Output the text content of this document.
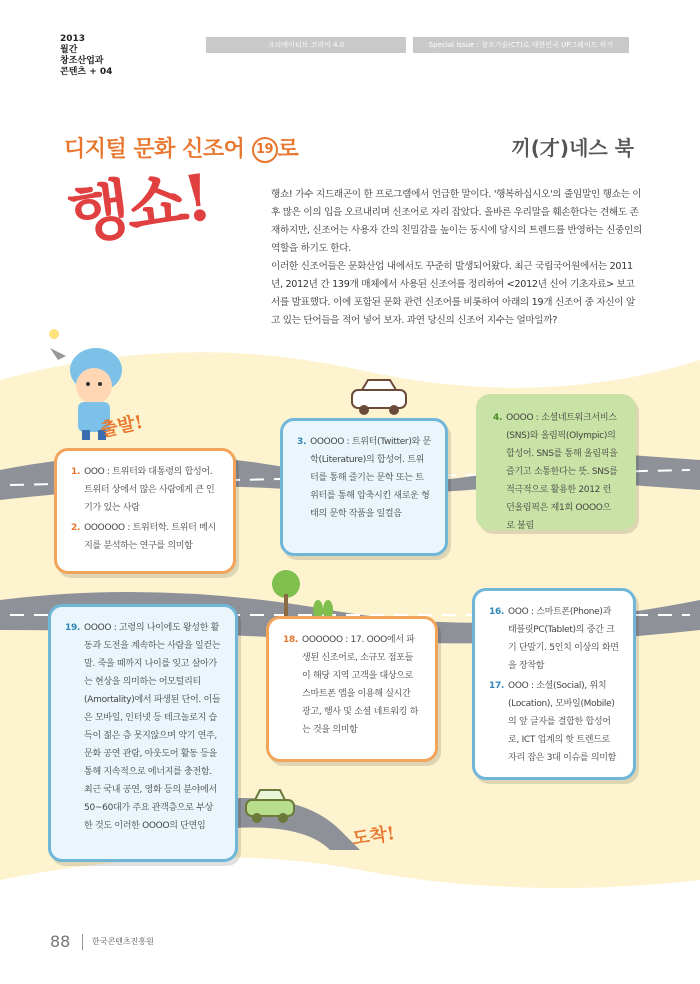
2013
월간
창조산업과
콘텐츠 + 04
크리에이티브 코리아 4.0	Special Issue : 창조기술(CT)로 대한민국 UP그레이드 하기
디지털 문화 신조어 19 로	끼(才)네스 북
행쇼!	행쇼! 가수 지드래곤이 한 프로그램에서 언급한 말이다. '행복하십시오'의 줄임말인 행쇼는 이후 많은 이의 입을 오르내리며 신조어로 자리 잡았다. 올바른 우리말을 훼손한다는 견해도 존재하지만, 신조어는 사용자 간의 친밀감을 높이는 동시에 당시의 트렌드를 반영하는 신중인의 역할을 하기도 한다.

이러한 신조어들은 문화산업 내에서도 꾸준히 발생되어왔다. 최근 국립국어원에서는 2011년, 2012년 간 139개 매체에서 사용된 신조어를 정리하여 <2012년 신어 기초자료> 보고서를 발표했다. 이에 포함된 문화 관련 신조어를 비롯하여 아래의 19개 신조어 중 자신이 알고 있는 단어들을 적어 넣어 보자. 과연 당신의 신조어 지수는 얼마일까?

출발!
도착!
1. OOO : 트위터와 대통령의 합성어. 트위터 상에서 많은 사람에게 큰 인기가 있는 사람
2. OOOOOO : 트위터학. 트위터 메시지를 분석하는 연구를 의미함
3. OOOOO : 트위터(Twitter)와 문학(Literature)의 합성어. 트위터를 통해 즐기는 문학 또는 트위터를 통해 압축시킨 새로운 형태의 문학 작품을 일컬음
4. OOOO : 소셜네트워크서비스(SNS)와 올림픽(Olympic)의 합성어. SNS를 통해 올림픽을 즐기고 소통한다는 뜻. SNS를 적극적으로 활용한 2012 런던올림픽은 제1회 OOOO으로 불림
19. OOOO : 고령의 나이에도 왕성한 활동과 도전을 계속하는 사람을 일컫는 말. 죽을 때까지 나이를 잊고 살아가는 현상을 의미하는 어모털리티(Amortality)에서 파생된 단어. 이들은 모바일, 인터넷 등 테크놀로지 습득이 젊은 층 못지않으며 약기 연주, 문화 공연 관람, 아웃도어 활동 등을 통해 지속적으로 에너지를 충전함. 최근 국내 공연, 영화 등의 분야에서 50~60대가 주요 관객층으로 부상한 것도 이러한 OOOO의 단면임
18. OOOOOO : 17. OOO에서 파생된 신조어로, 소규모 점포들이 해당 지역 고객을 대상으로 스마트폰 앱을 이용해 실시간 광고, 행사 및 소셜 네트워킹 하는 것을 의미함
16. OOO : 스마트폰(Phone)과 태블릿PC(Tablet)의 중간 크기 단말기. 5인치 이상의 화면을 장착함
17. OOO : 소셜(Social), 위치(Location), 모바일(Mobile)의 앞 글자를 결합한 합성어로, ICT 업계의 핫 트렌드로 자리 잡은 3대 이슈를 의미함
88	한국콘텐츠진흥원
